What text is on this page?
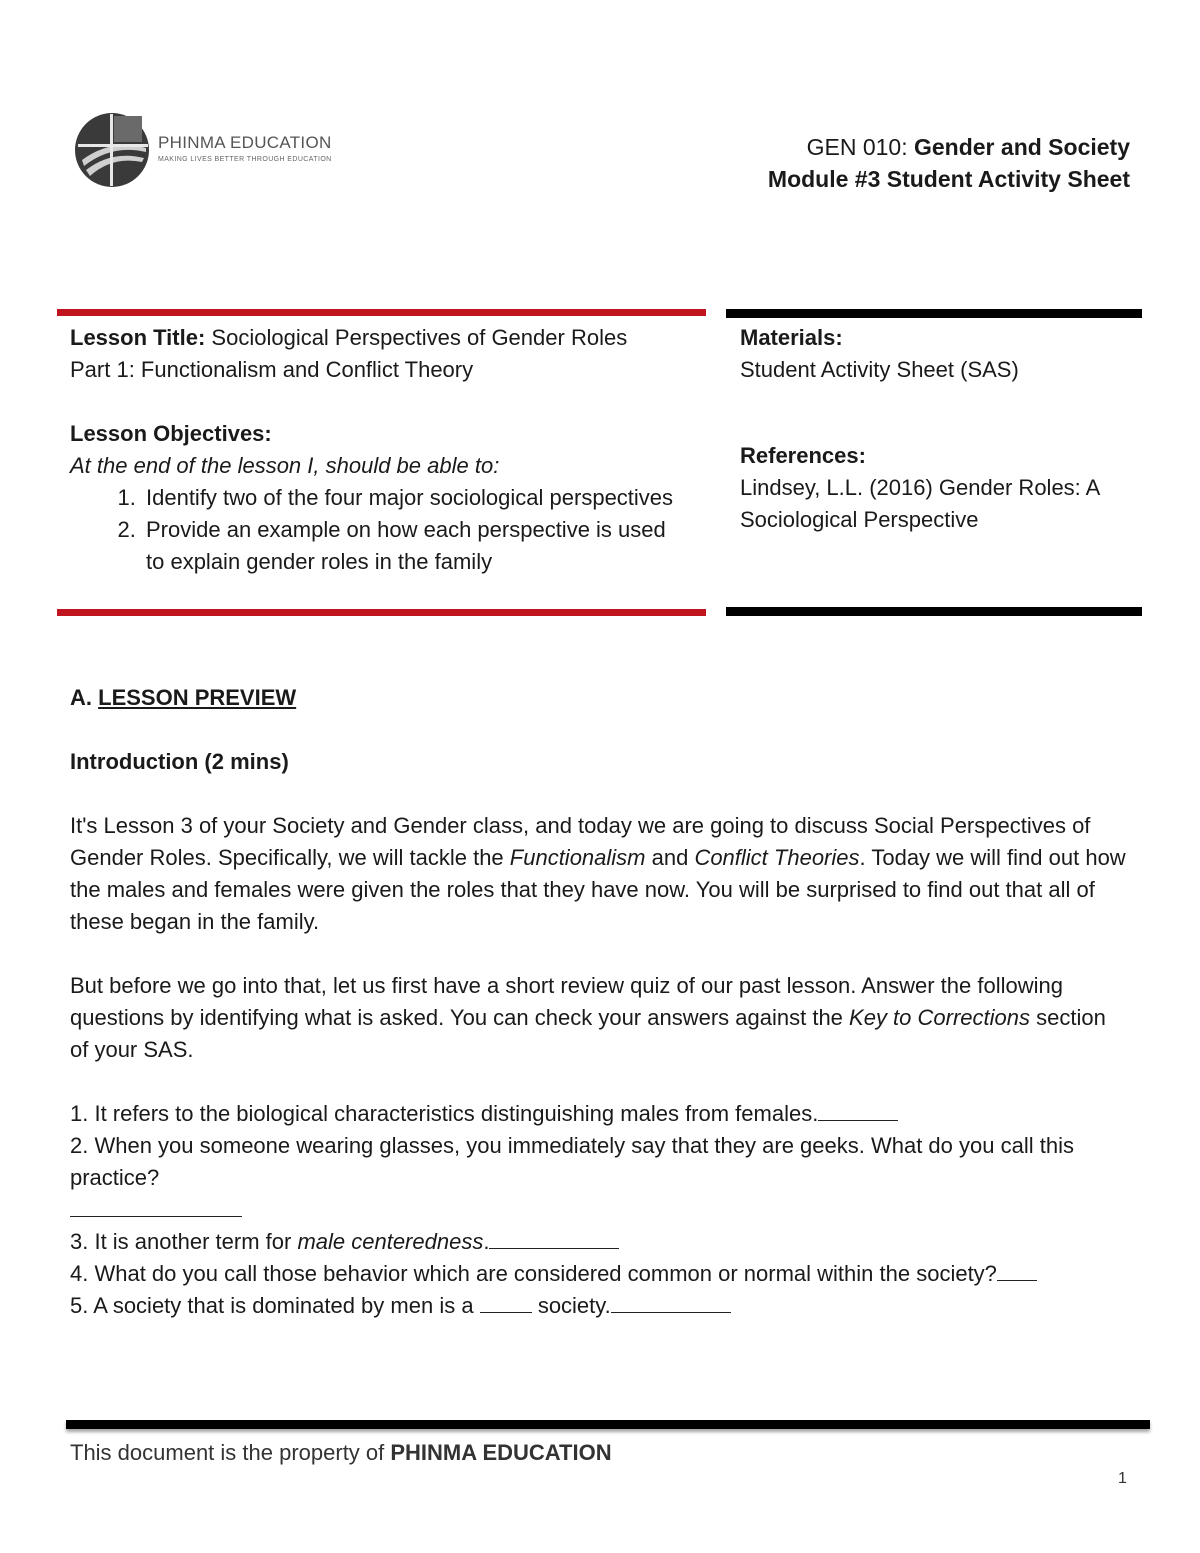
PHINMA EDUCATION
MAKING LIVES BETTER THROUGH EDUCATION	GEN 010: Gender and Society
Module #3 Student Activity Sheet
Lesson Title: Sociological Perspectives of Gender Roles
Part 1: Functionalism and Conflict Theory
Lesson Objectives:
At the end of the lesson I, should be able to:
1. Identify two of the four major sociological perspectives
2. Provide an example on how each perspective is used to explain gender roles in the family
Materials:
Student Activity Sheet (SAS)
References:
Lindsey, L.L. (2016) Gender Roles: A Sociological Perspective

A. LESSON PREVIEW

Introduction (2 mins)

It's Lesson 3 of your Society and Gender class, and today we are going to discuss Social Perspectives of Gender Roles. Specifically, we will tackle the Functionalism and Conflict Theories. Today we will find out how the males and females were given the roles that they have now. You will be surprised to find out that all of these began in the family.

But before we go into that, let us first have a short review quiz of our past lesson. Answer the following questions by identifying what is asked. You can check your answers against the Key to Corrections section of your SAS.

1. It refers to the biological characteristics distinguishing males from females.

2. When you someone wearing glasses, you immediately say that they are geeks. What do you call this practice?

3. It is another term for male centeredness.

4. What do you call those behavior which are considered common or normal within the society?

5. A society that is dominated by men is a	society.

This document is the property of PHINMA EDUCATION
1
